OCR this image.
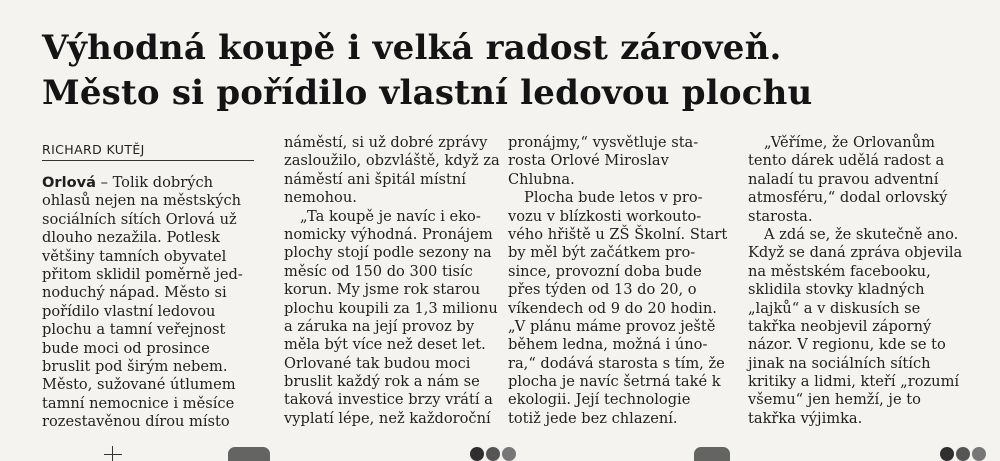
Výhodná koupě i velká radost zároveň.
Město si pořídilo vlastní ledovou plochu
RICHARD KUTĚJ
Orlová – Tolik dobrých
ohlasů nejen na městských
sociálních sítích Orlová už
dlouho nezažila. Potlesk
většiny tamních obyvatel
přitom sklidil poměrně jed-
noduchý nápad. Město si
pořídilo vlastní ledovou
plochu a tamní veřejnost
bude moci od prosince
bruslit pod širým nebem.
Město, sužované útlumem
tamní nemocnice i měsíce
rozestavěnou dírou místo
náměstí, si už dobré zprávy
zasloužilo, obzvláště, když za
náměstí ani špitál místní
nemohou.
„Ta koupě je navíc i eko-
nomicky výhodná. Pronájem
plochy stojí podle sezony na
měsíc od 150 do 300 tisíc
korun. My jsme rok starou
plochu koupili za 1,3 milionu
a záruka na její provoz by
měla být více než deset let.
Orlované tak budou moci
bruslit každý rok a nám se
taková investice brzy vrátí a
vyplatí lépe, než každoroční
pronájmy,“ vysvětluje sta-
rosta Orlové Miroslav
Chlubna.
Plocha bude letos v pro-
vozu v blízkosti workouto-
vého hřiště u ZŠ Školní. Start
by měl být začátkem pro-
since, provozní doba bude
přes týden od 13 do 20, o
víkendech od 9 do 20 hodin.
„V plánu máme provoz ještě
během ledna, možná i úno-
ra,“ dodává starosta s tím, že
plocha je navíc šetrná také k
ekologii. Její technologie
totiž jede bez chlazení.
„Věříme, že Orlovanům
tento dárek udělá radost a
naladí tu pravou adventní
atmosféru,“ dodal orlovský
starosta.
A zdá se, že skutečně ano.
Když se daná zpráva objevila
na městském facebooku,
sklidila stovky kladných
„lajků“ a v diskusích se
takřka neobjevil záporný
názor. V regionu, kde se to
jinak na sociálních sítích
kritiky a lidmi, kteří „rozumí
všemu“ jen hemží, je to
takřka výjimka.
